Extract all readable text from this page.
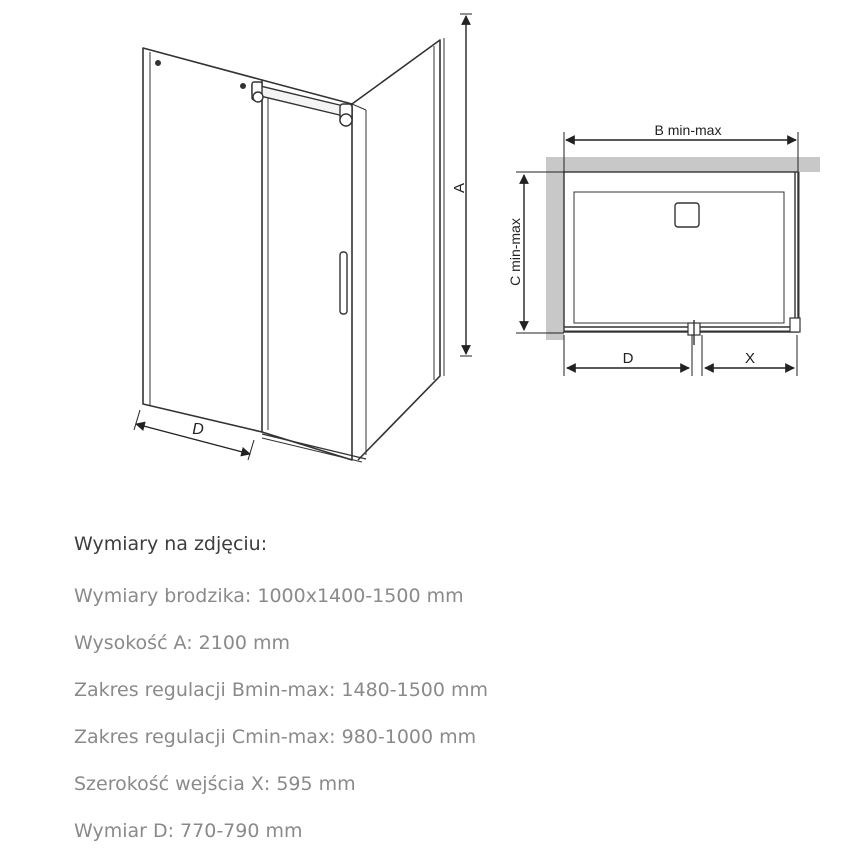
A
D
B min-max
C min-max
D	X
Wymiary na zdjęciu:
Wymiary brodzika: 1000x1400-1500 mm
Wysokość A: 2100 mm
Zakres regulacji Bmin-max: 1480-1500 mm
Zakres regulacji Cmin-max: 980-1000 mm
Szerokość wejścia X: 595 mm
Wymiar D: 770-790 mm
